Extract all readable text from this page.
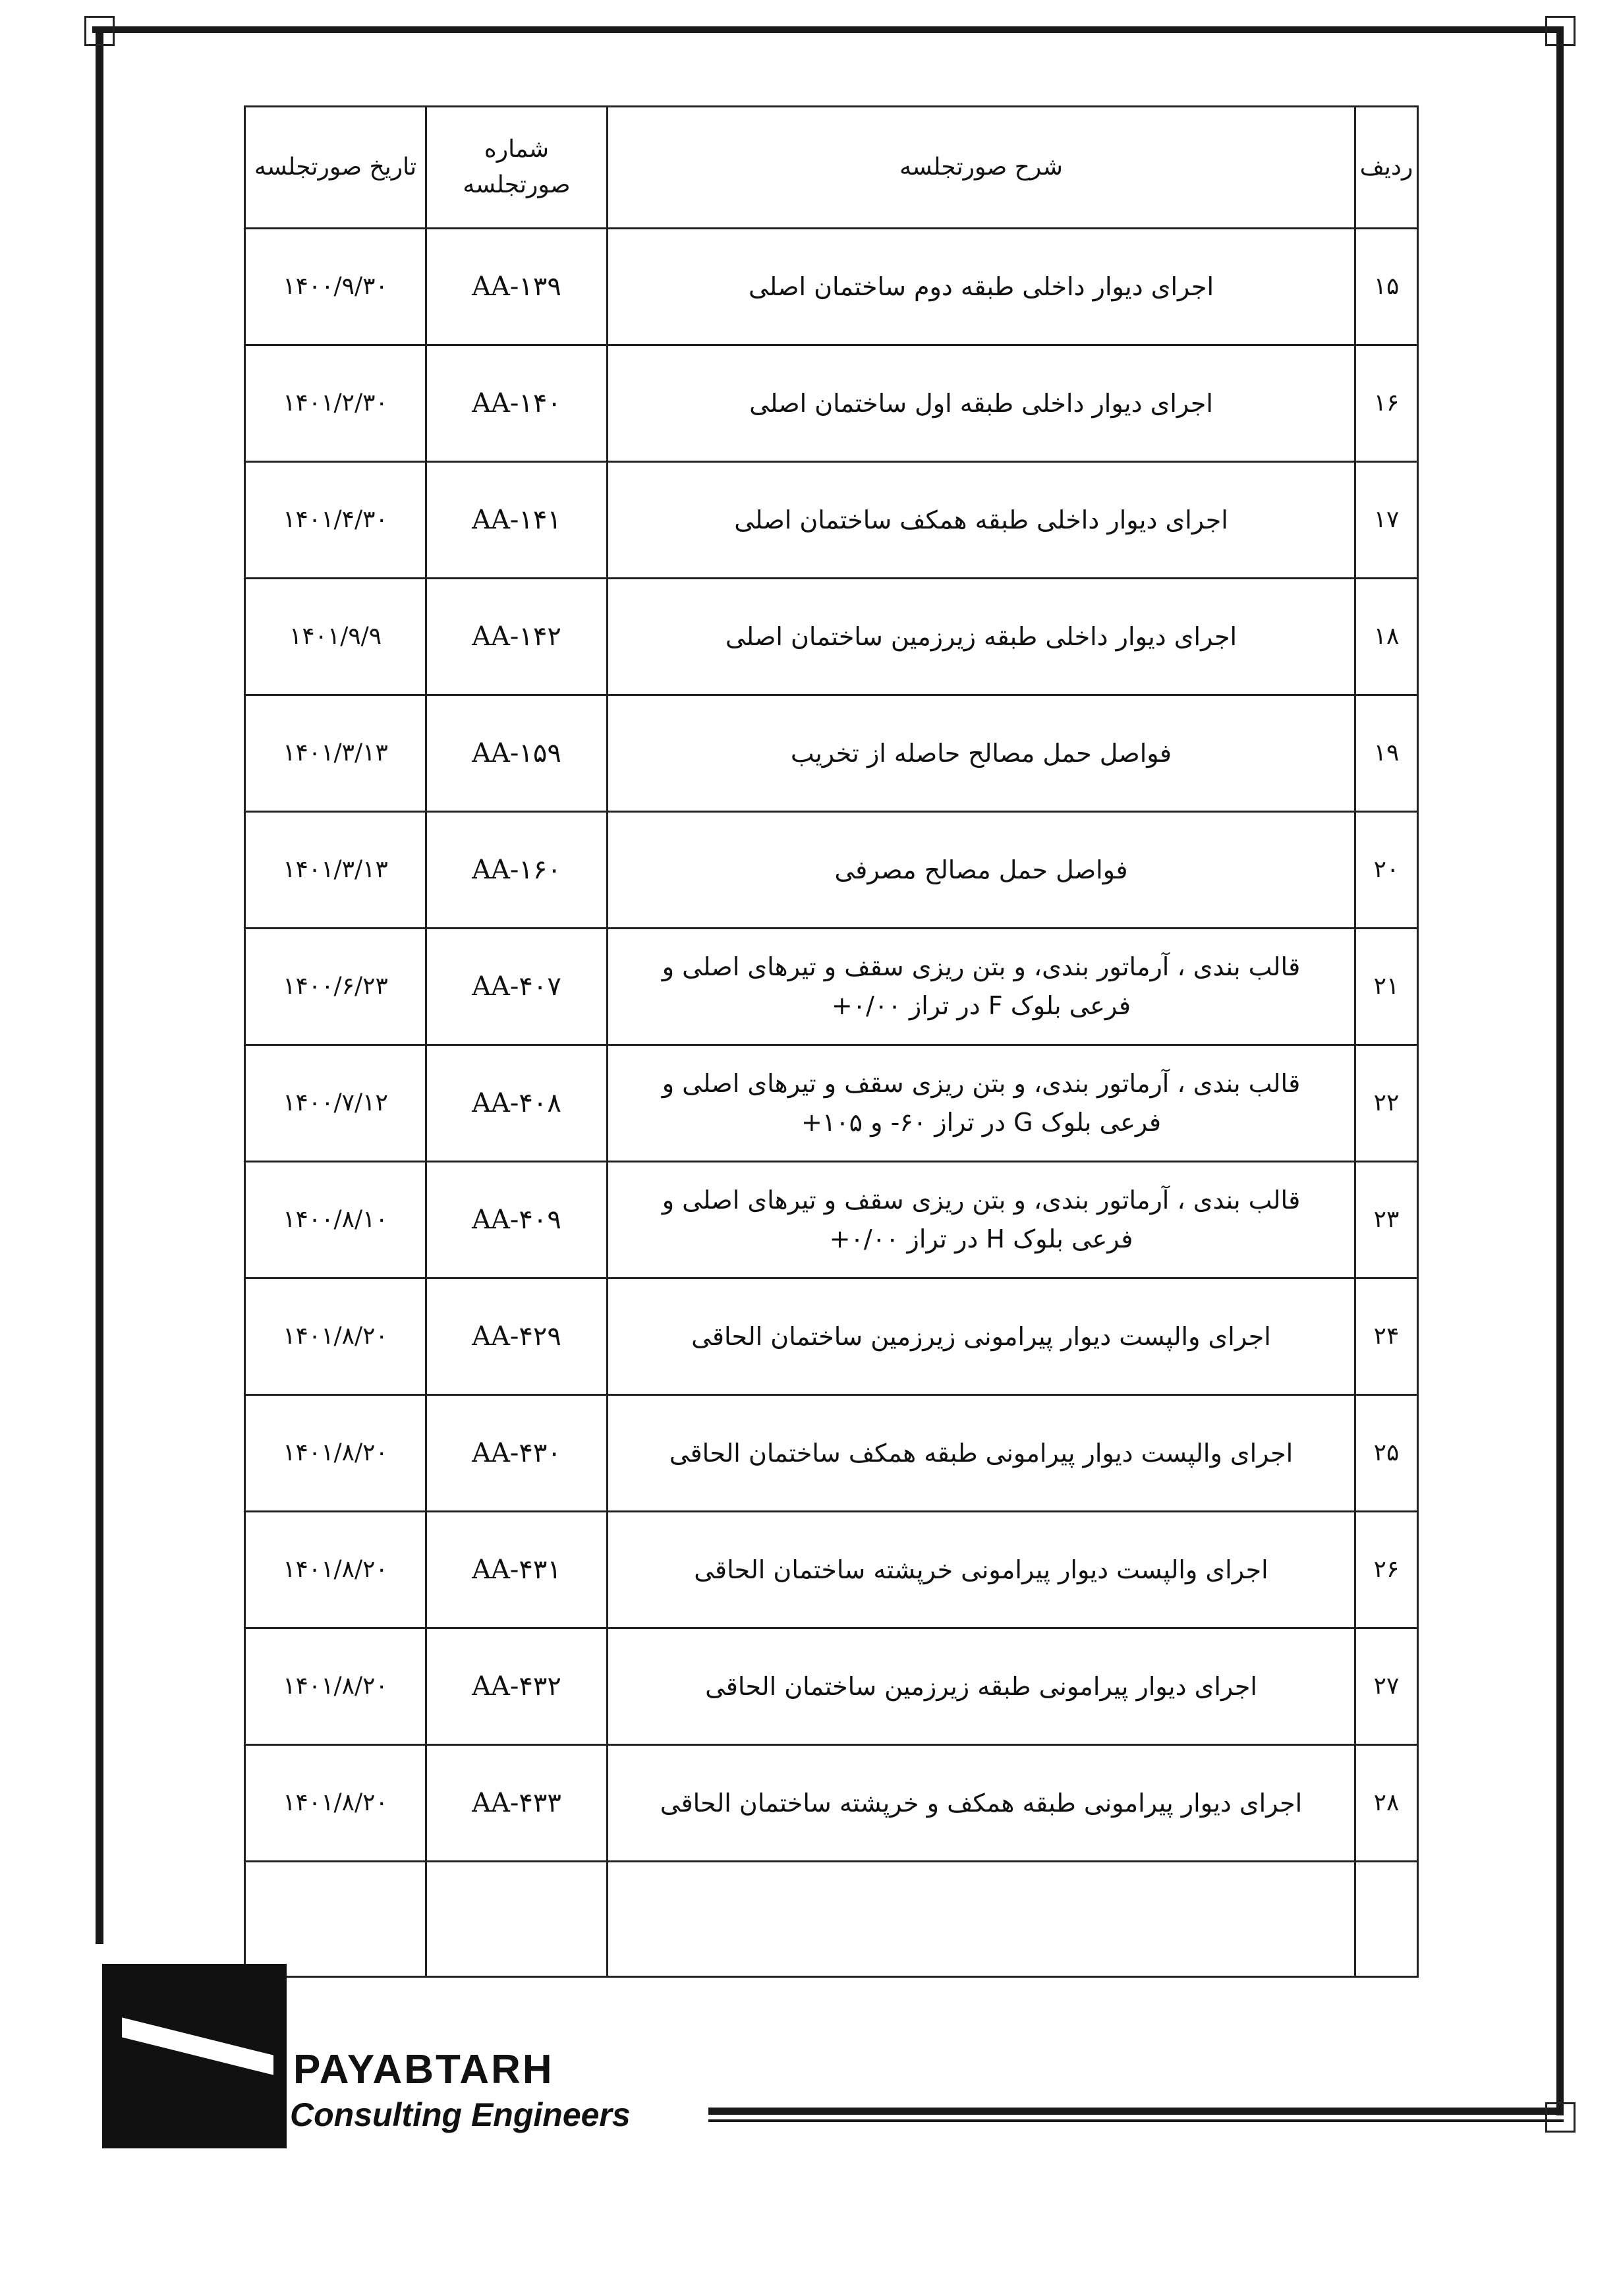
ردیف	شرح صورتجلسه	شماره صورتجلسه	تاریخ صورتجلسه
۱۵	اجرای دیوار داخلی طبقه دوم ساختمان اصلی	AA-۱۳۹	۱۴۰۰/۹/۳۰
۱۶	اجرای دیوار داخلی طبقه اول ساختمان اصلی	AA-۱۴۰	۱۴۰۱/۲/۳۰
۱۷	اجرای دیوار داخلی طبقه همکف ساختمان اصلی	AA-۱۴۱	۱۴۰۱/۴/۳۰
۱۸	اجرای دیوار داخلی طبقه زیرزمین ساختمان اصلی	AA-۱۴۲	۱۴۰۱/۹/۹
۱۹	فواصل حمل مصالح حاصله از تخریب	AA-۱۵۹	۱۴۰۱/۳/۱۳
۲۰	فواصل حمل مصالح مصرفی	AA-۱۶۰	۱۴۰۱/۳/۱۳
۲۱	قالب بندی ، آرماتور بندی، و بتن ریزی سقف و تیرهای اصلی و فرعی بلوک F در تراز ۰/۰۰+	AA-۴۰۷	۱۴۰۰/۶/۲۳
۲۲	قالب بندی ، آرماتور بندی، و بتن ریزی سقف و تیرهای اصلی و فرعی بلوک G در تراز ۶۰- و ۱۰۵+	AA-۴۰۸	۱۴۰۰/۷/۱۲
۲۳	قالب بندی ، آرماتور بندی، و بتن ریزی سقف و تیرهای اصلی و فرعی بلوک H در تراز ۰/۰۰+	AA-۴۰۹	۱۴۰۰/۸/۱۰
۲۴	اجرای والپست دیوار پیرامونی زیرزمین ساختمان الحاقی	AA-۴۲۹	۱۴۰۱/۸/۲۰
۲۵	اجرای والپست دیوار پیرامونی طبقه همکف ساختمان الحاقی	AA-۴۳۰	۱۴۰۱/۸/۲۰
۲۶	اجرای والپست دیوار پیرامونی خرپشته ساختمان الحاقی	AA-۴۳۱	۱۴۰۱/۸/۲۰
۲۷	اجرای دیوار پیرامونی طبقه زیرزمین ساختمان الحاقی	AA-۴۳۲	۱۴۰۱/۸/۲۰
۲۸	اجرای دیوار پیرامونی طبقه همکف و خرپشته ساختمان الحاقی	AA-۴۳۳	۱۴۰۱/۸/۲۰

PAYABTARH
Consulting Engineers
